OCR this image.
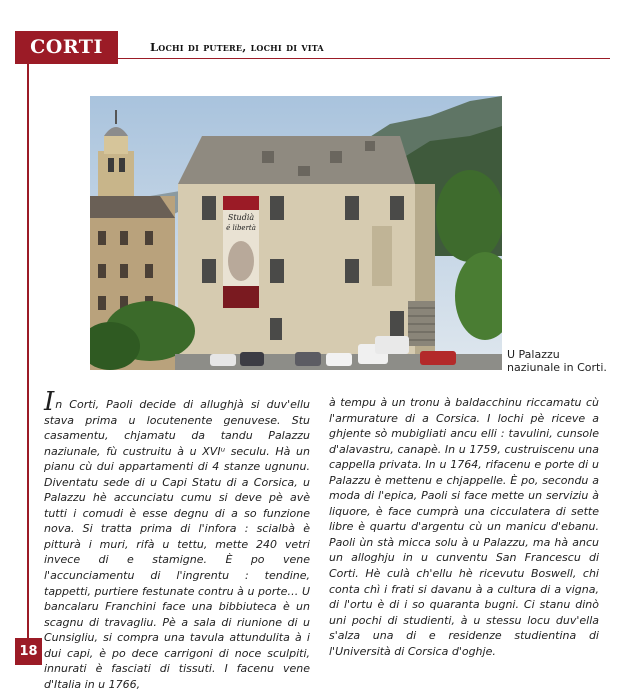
CORTI	Lochi di putere, lochi di vita
Studià
é libertà
U Palazzu naziunale in Corti.
In Corti, Paoli decide di allughjà si duv'ellu stava prima u locutenente genuvese. Stu casamentu, chjamatu da tandu Palazzu naziunale, fù custruitu à u XVIᵘ seculu. Hà un pianu cù dui appartamenti di 4 stanze ugnunu. Diventatu sede di u Capi Statu di a Corsica, u Palazzu hè accunciatu cumu si deve pè avè tutti i comudi è esse degnu di a so funzione nova. Si tratta prima di l'infora : scialbà è pitturà i muri, rifà u tettu, mette 240 vetri invece di e stamigne. È po vene l'accunciamentu di l'ingrentu : tendine, tappetti, purtiere festunate contru à u porte… U bancalaru Franchini face una bibbiuteca è un scagnu di travagliu. Pè a sala di riunione di u Cunsigliu, si compra una tavula attundulita à i dui capi, è po dece carrigoni di noce sculpiti, innurati è fasciati di tissuti. I facenu vene d'Italia in u 1766,
à tempu à un tronu à baldacchinu riccamatu cù l'armurature di a Corsica. I lochi pè riceve a ghjente sò mubigliati ancu elli : tavulini, cunsole d'alavastru, canapè. In u 1759, custruiscenu una cappella privata. In u 1764, rifacenu e porte di u Palazzu è mettenu e chjappelle. È po, secondu a moda di l'epica, Paoli si face mette un serviziu à liquore, è face cumprà una cicculatera di sette libre è quartu d'argentu cù un manicu d'ebanu. Paoli ùn stà micca solu à u Palazzu, ma hà ancu un alloghju in u cunventu San Francescu di Corti. Hè culà ch'ellu hè ricevutu Boswell, chi conta chì i frati si davanu à a cultura di a vigna, di l'ortu è di i so quaranta bugni. Ci stanu dinò uni pochi di studienti, à u stessu locu duv'ella s'alza una di e residenze studientina di l'Università di Corsica d'oghje.
18
